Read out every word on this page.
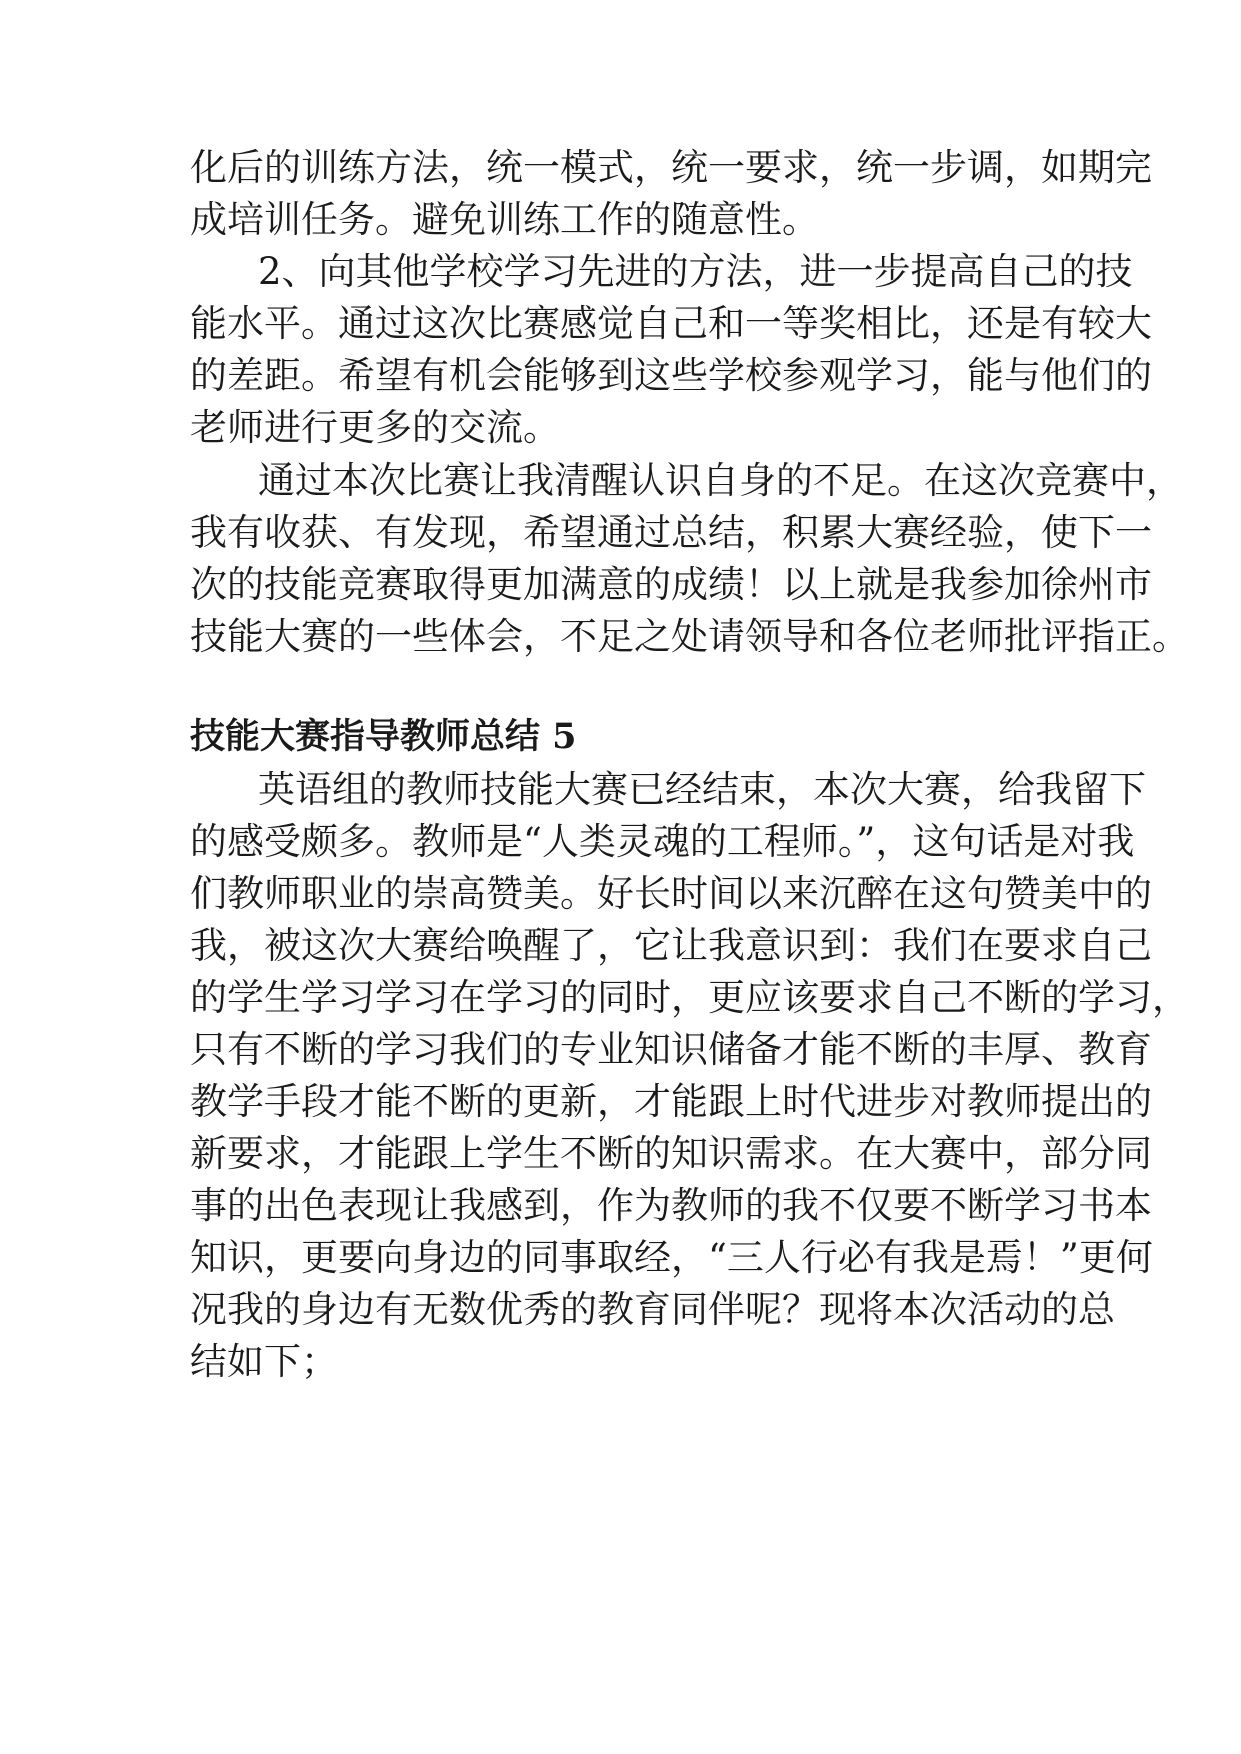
化后的训练方法，统一模式，统一要求，统一步调，如期完

成培训任务。避免训练工作的随意性。

2、向其他学校学习先进的方法，进一步提高自己的技

能水平。通过这次比赛感觉自己和一等奖相比，还是有较大

的差距。希望有机会能够到这些学校参观学习，能与他们的

老师进行更多的交流。

通过本次比赛让我清醒认识自身的不足。在这次竞赛中，

我有收获、有发现，希望通过总结，积累大赛经验，使下一

次的技能竞赛取得更加满意的成绩！以上就是我参加徐州市

技能大赛的一些体会，不足之处请领导和各位老师批评指正。

技能大赛指导教师总结 5

英语组的教师技能大赛已经结束，本次大赛，给我留下

的感受颇多。教师是“人类灵魂的工程师。”，这句话是对我

们教师职业的崇高赞美。好长时间以来沉醉在这句赞美中的

我，被这次大赛给唤醒了，它让我意识到：我们在要求自己

的学生学习学习在学习的同时，更应该要求自己不断的学习，

只有不断的学习我们的专业知识储备才能不断的丰厚、教育

教学手段才能不断的更新，才能跟上时代进步对教师提出的

新要求，才能跟上学生不断的知识需求。在大赛中，部分同

事的出色表现让我感到，作为教师的我不仅要不断学习书本

知识，更要向身边的同事取经，“三人行必有我是焉！”更何

况我的身边有无数优秀的教育同伴呢？现将本次活动的总

结如下；
